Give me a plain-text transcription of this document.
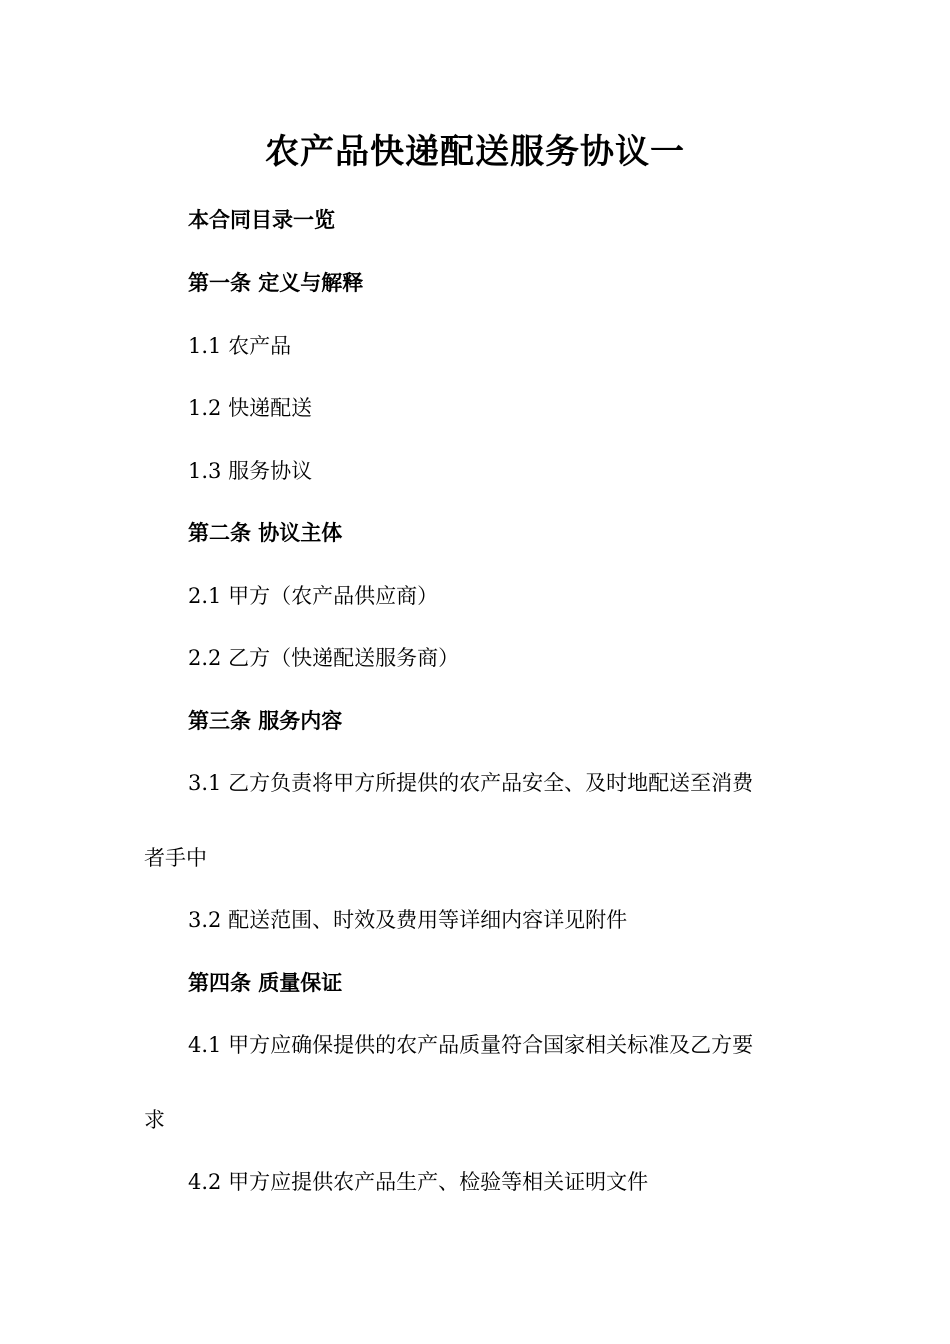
农产品快递配送服务协议一
本合同目录一览
第一条 定义与解释
1.1 农产品
1.2 快递配送
1.3 服务协议
第二条 协议主体
2.1 甲方（农产品供应商）
2.2 乙方（快递配送服务商）
第三条 服务内容
3.1 乙方负责将甲方所提供的农产品安全、及时地配送至消费
者手中
3.2 配送范围、时效及费用等详细内容详见附件
第四条 质量保证
4.1 甲方应确保提供的农产品质量符合国家相关标准及乙方要
求
4.2 甲方应提供农产品生产、检验等相关证明文件
